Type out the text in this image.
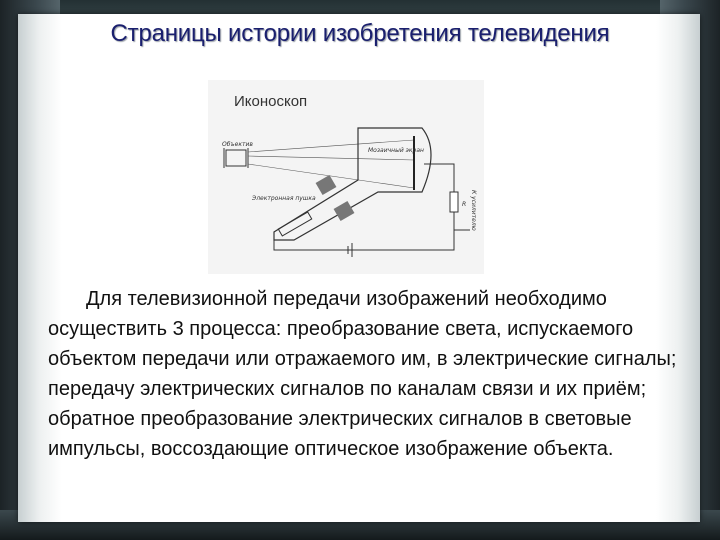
Страницы истории изобретения телевидения
Иконоскоп
Объектив
Мозаичный экран
Электронная пушка
R К усилителю
Для телевизионной передачи изображений необходимо осуществить 3 процесса: преобразование света, испускаемого объектом передачи или отражаемого им, в электрические сигналы; передачу электрических сигналов по каналам связи и их приём; обратное преобразование электрических сигналов в световые импульсы, воссоздающие оптическое изображение объекта.
